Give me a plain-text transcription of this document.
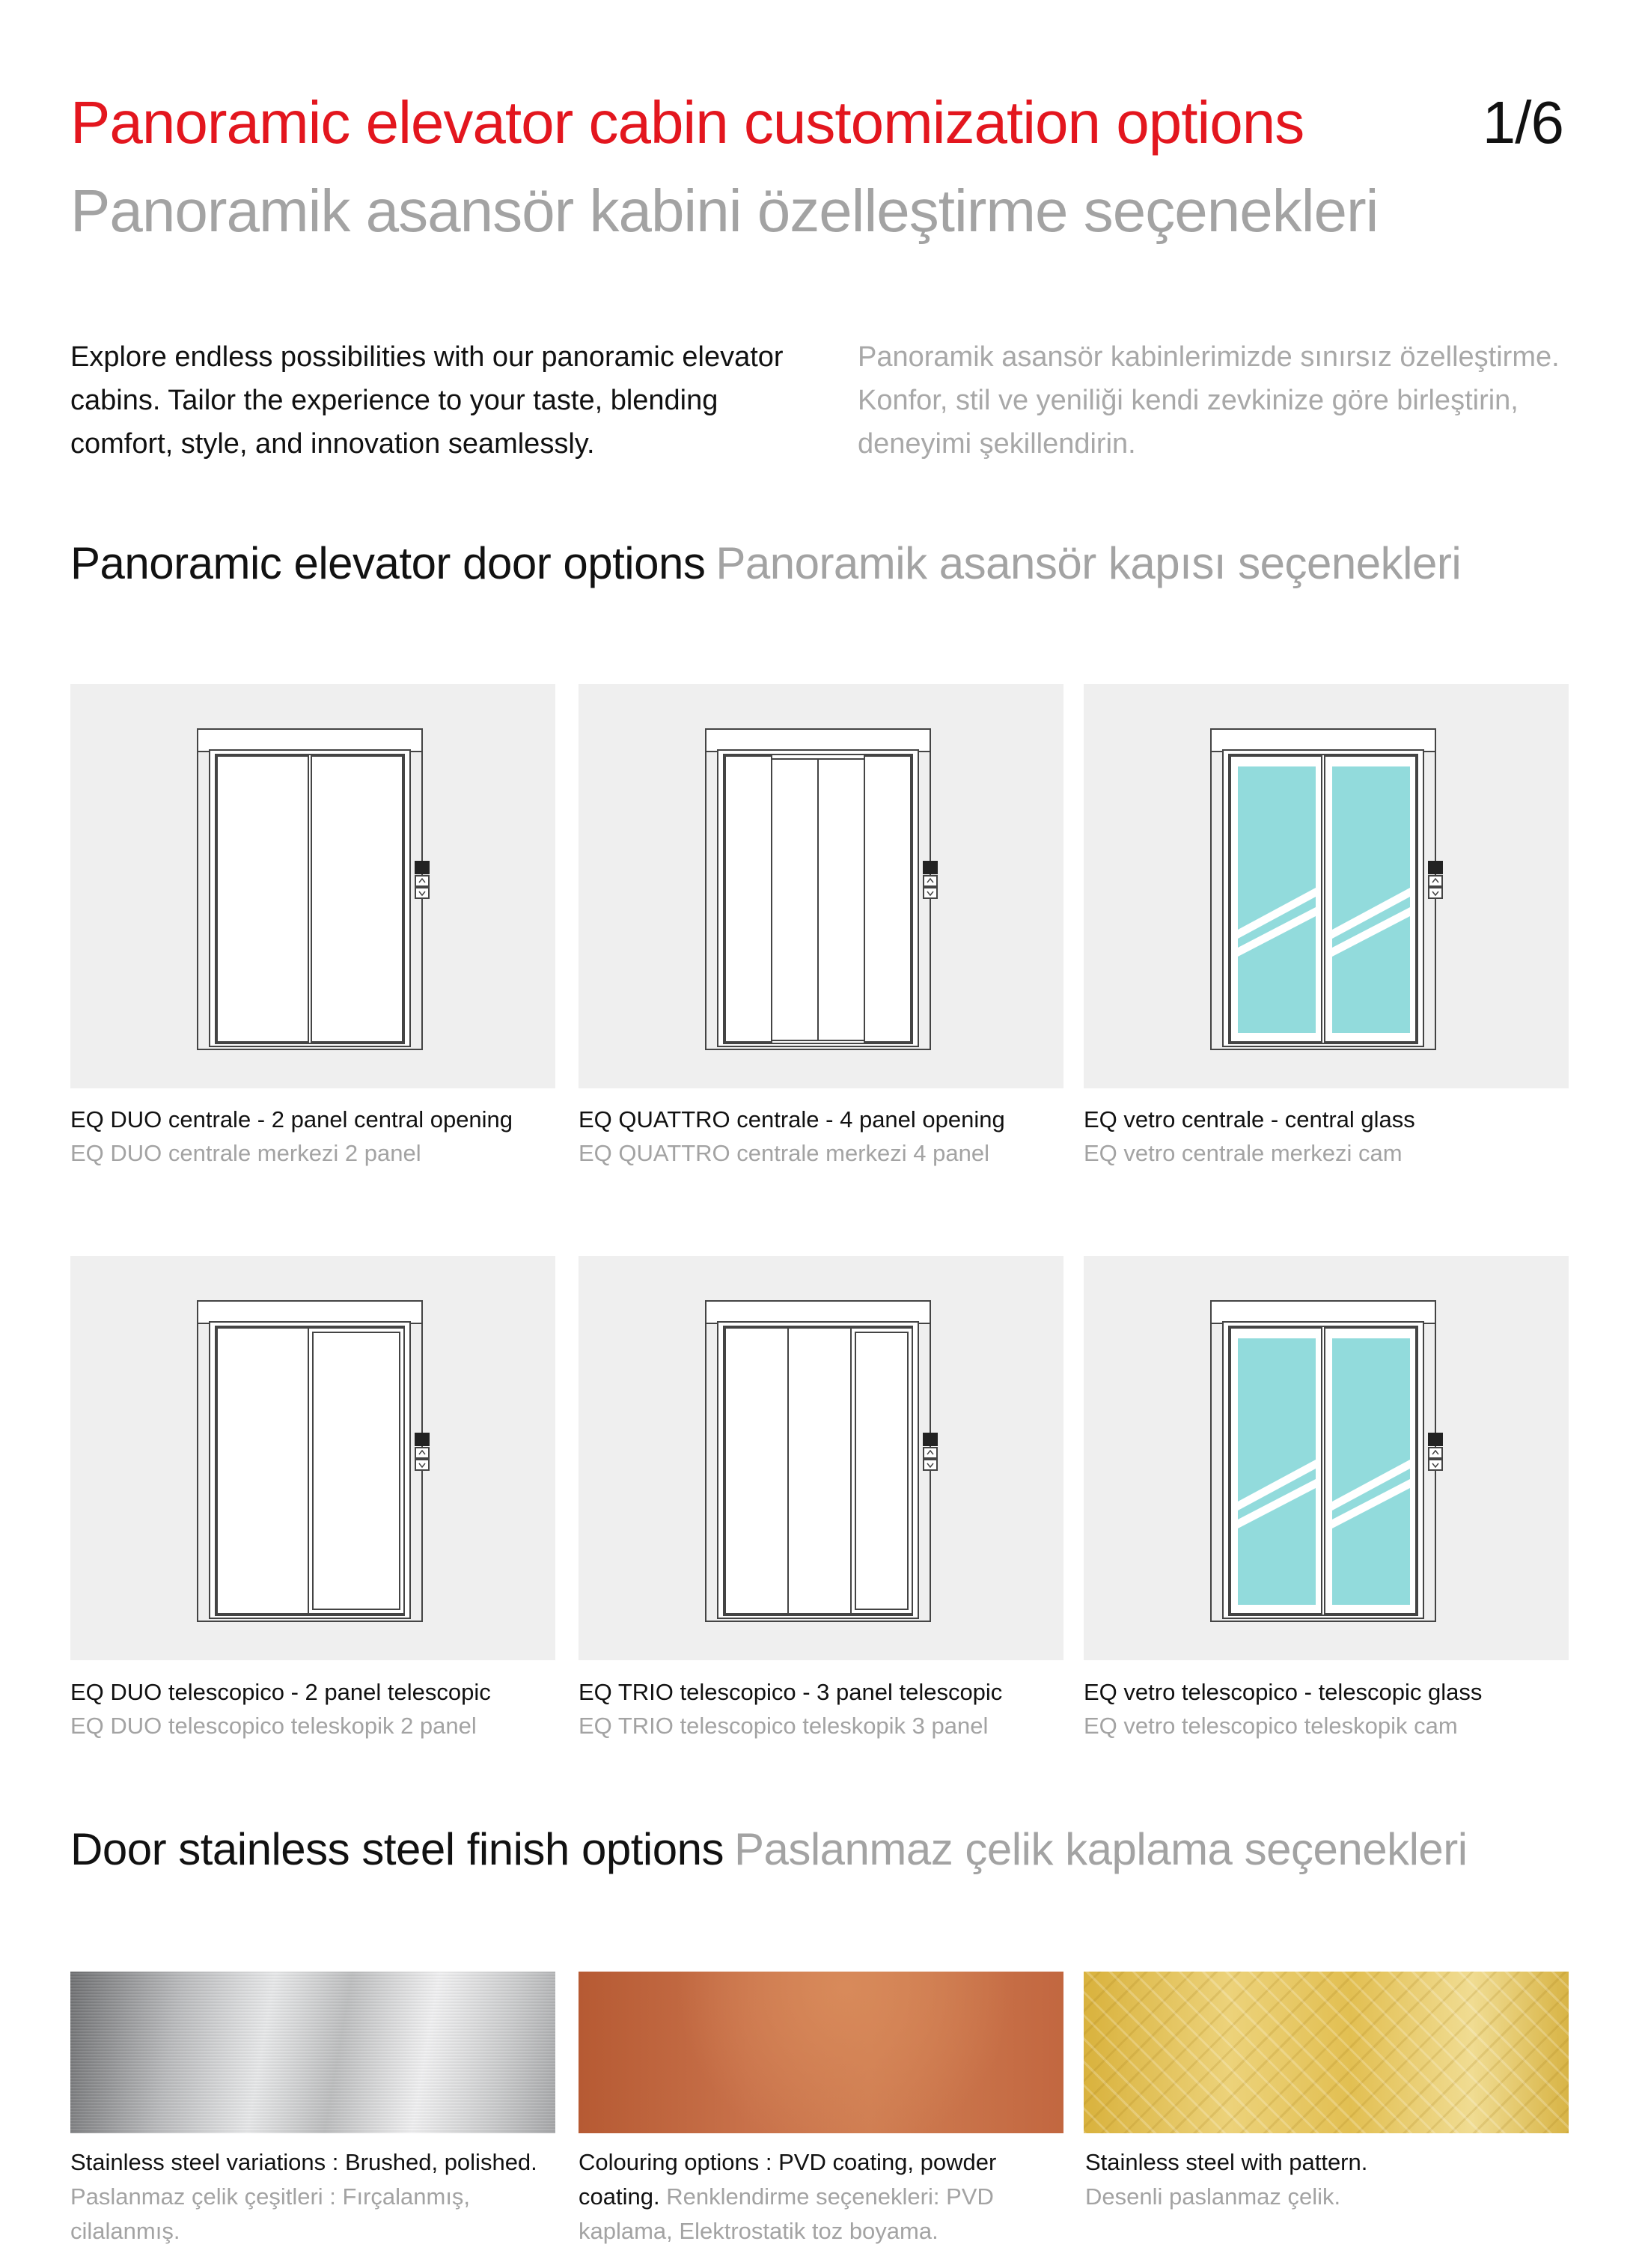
Panoramic elevator cabin customization options	1/6
Panoramik asansör kabini özelleştirme seçenekleri
Explore endless possibilities with our panoramic elevator cabins. Tailor the experience to your taste, blending comfort, style, and innovation seamlessly.
Panoramik asansör kabinlerimizde sınırsız özelleştirme. Konfor, stil ve yeniliği kendi zevkinize göre birleştirin, deneyimi şekillendirin.
Panoramic elevator door options Panoramik asansör kapısı seçenekleri
EQ DUO centrale - 2 panel central opening
EQ DUO centrale merkezi 2 panel
EQ QUATTRO centrale - 4 panel opening
EQ QUATTRO centrale merkezi 4 panel
EQ vetro centrale - central glass
EQ vetro centrale merkezi cam
EQ DUO telescopico - 2 panel telescopic
EQ DUO telescopico teleskopik 2 panel
EQ TRIO telescopico - 3 panel telescopic
EQ TRIO telescopico teleskopik 3 panel
EQ vetro telescopico - telescopic glass
EQ vetro telescopico teleskopik cam
Door stainless steel finish options Paslanmaz çelik kaplama seçenekleri
Stainless steel variations : Brushed, polished.
Paslanmaz çelik çeşitleri : Fırçalanmış, cilalanmış.
Colouring options : PVD coating, powder coating. Renklendirme seçenekleri: PVD kaplama, Elektrostatik toz boyama.
Stainless steel with pattern.
Desenli paslanmaz çelik.
